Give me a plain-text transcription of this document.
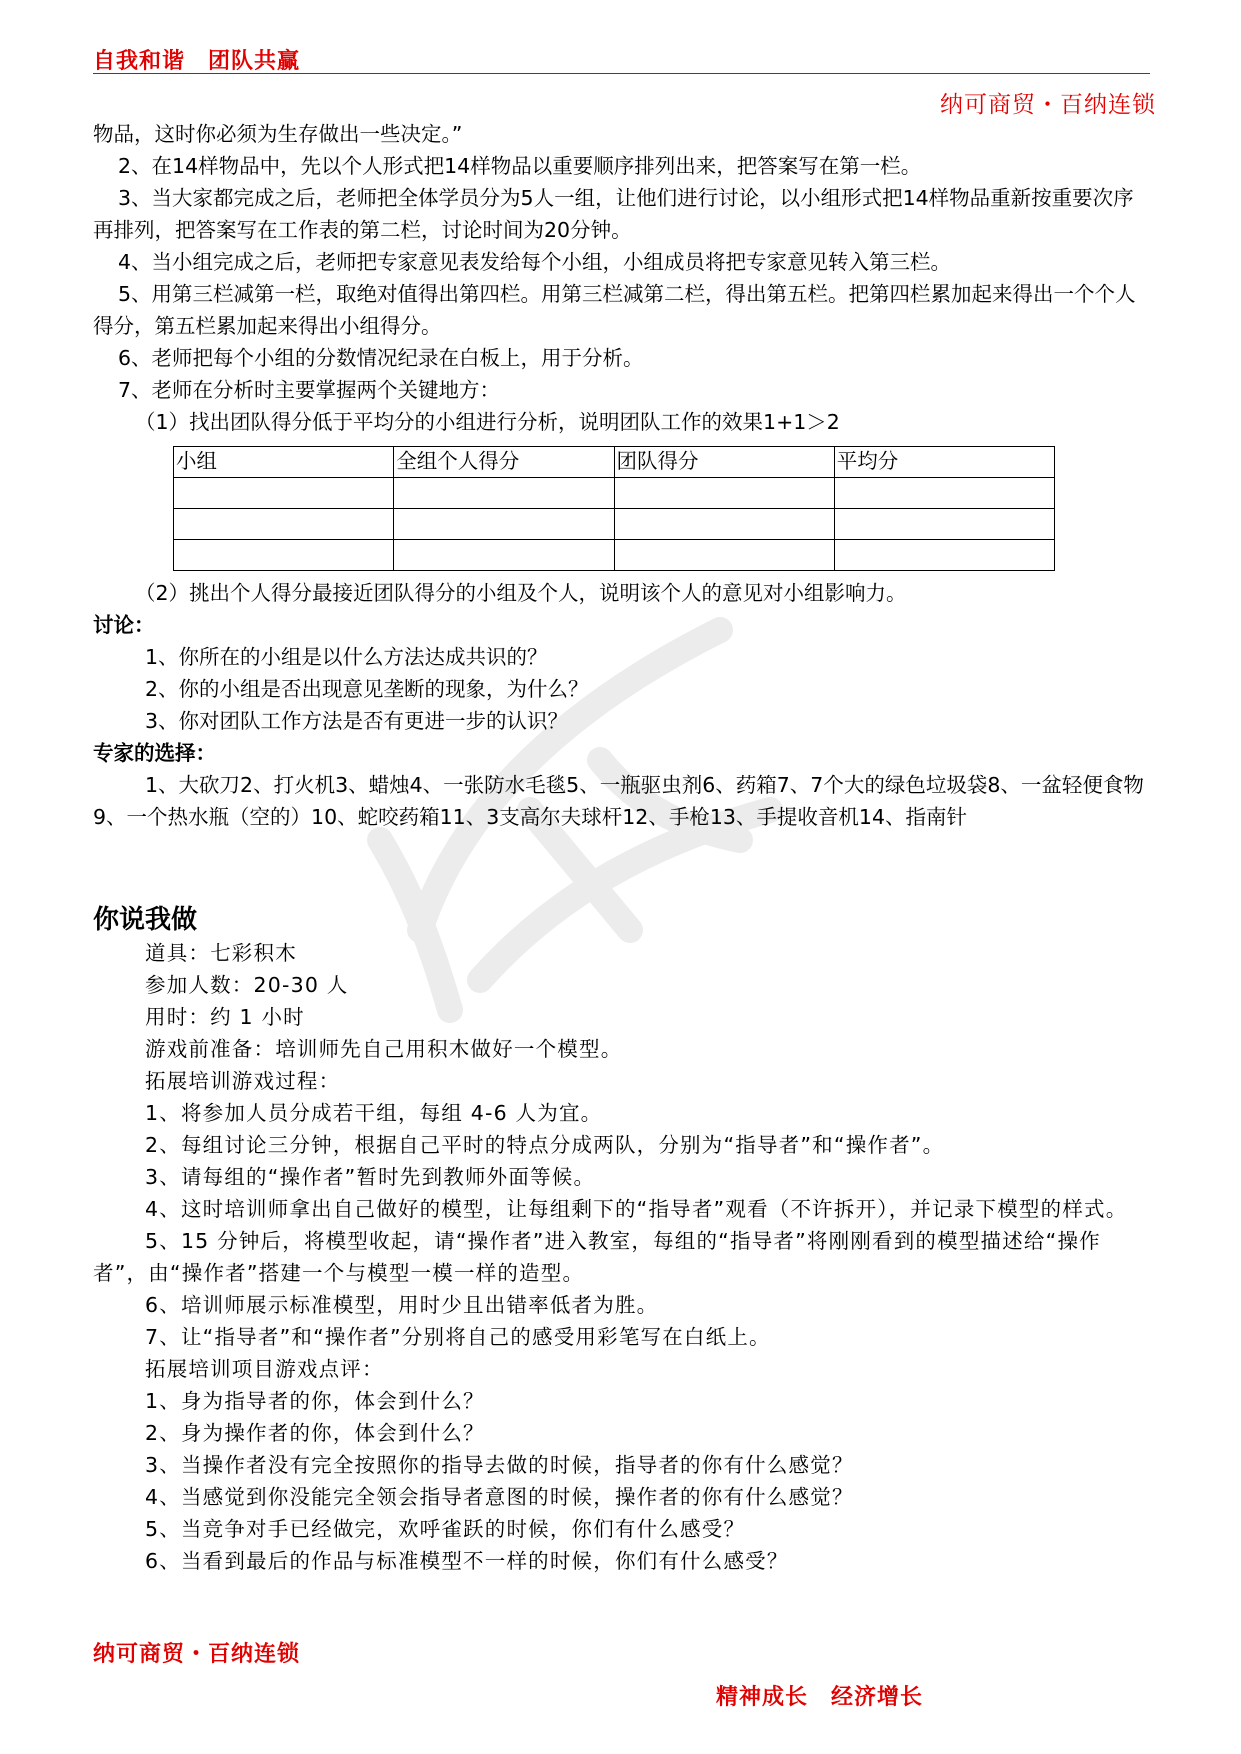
自我和谐　团队共赢
纳可商贸・百纳连锁

物品，这时你必须为生存做出一些决定。”

2、在14样物品中，先以个人形式把14样物品以重要顺序排列出来，把答案写在第一栏。

3、当大家都完成之后，老师把全体学员分为5人一组，让他们进行讨论，以小组形式把14样物品重新按重要次序再排列，把答案写在工作表的第二栏，讨论时间为20分钟。

4、当小组完成之后，老师把专家意见表发给每个小组，小组成员将把专家意见转入第三栏。

5、用第三栏减第一栏，取绝对值得出第四栏。用第三栏减第二栏，得出第五栏。把第四栏累加起来得出一个个人得分，第五栏累加起来得出小组得分。

6、老师把每个小组的分数情况纪录在白板上，用于分析。

7、老师在分析时主要掌握两个关键地方：

（1）找出团队得分低于平均分的小组进行分析，说明团队工作的效果1+1＞2

小组	全组个人得分	团队得分	平均分

（2）挑出个人得分最接近团队得分的小组及个人，说明该个人的意见对小组影响力。

讨论：

1、你所在的小组是以什么方法达成共识的？

2、你的小组是否出现意见垄断的现象，为什么？

3、你对团队工作方法是否有更进一步的认识？

专家的选择：

1、大砍刀2、打火机3、蜡烛4、一张防水毛毯5、一瓶驱虫剂6、药箱7、7个大的绿色垃圾袋8、一盆轻便食物9、一个热水瓶（空的）10、蛇咬药箱11、3支高尔夫球杆12、手枪13、手提收音机14、指南针

你说我做

道具：七彩积木

参加人数：20-30 人

用时：约 1 小时

游戏前准备：培训师先自己用积木做好一个模型。

拓展培训游戏过程：

1、将参加人员分成若干组，每组 4-6 人为宜。

2、每组讨论三分钟，根据自己平时的特点分成两队，分别为“指导者”和“操作者”。

3、请每组的“操作者”暂时先到教师外面等候。

4、这时培训师拿出自己做好的模型，让每组剩下的“指导者”观看（不许拆开），并记录下模型的样式。

5、15 分钟后，将模型收起，请“操作者”进入教室，每组的“指导者”将刚刚看到的模型描述给“操作者”，由“操作者”搭建一个与模型一模一样的造型。

6、培训师展示标准模型，用时少且出错率低者为胜。

7、让“指导者”和“操作者”分别将自己的感受用彩笔写在白纸上。

拓展培训项目游戏点评：

1、身为指导者的你，体会到什么？

2、身为操作者的你，体会到什么？

3、当操作者没有完全按照你的指导去做的时候，指导者的你有什么感觉？

4、当感觉到你没能完全领会指导者意图的时候，操作者的你有什么感觉？

5、当竞争对手已经做完，欢呼雀跃的时候，你们有什么感受？

6、当看到最后的作品与标准模型不一样的时候，你们有什么感受？

纳可商贸・百纳连锁
精神成长　经济增长
